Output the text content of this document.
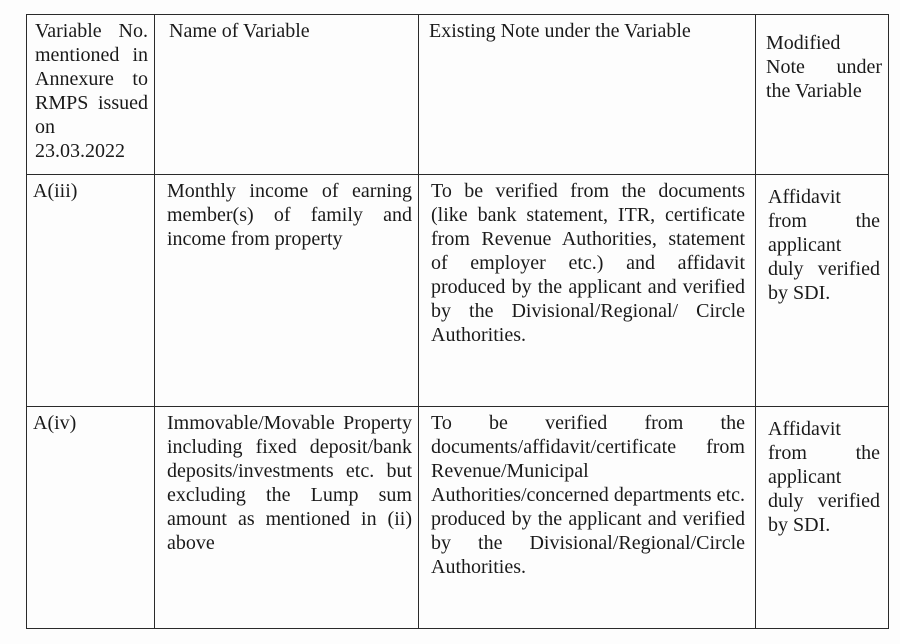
Variable No. mentioned in Annexure to RMPS issued on 23.03.2022	Name of Variable	Existing Note under the Variable	Modified Note under the Variable

A(iii)	Monthly income of earning member(s) of family and income from property	To be verified from the documents (like bank statement, ITR, certificate from Revenue Authorities, statement of employer etc.) and affidavit produced by the applicant and verified by the Divisional/Regional/ Circle Authorities.	Affidavit from the applicant duly verified by SDI.

A(iv)	Immovable/Movable Property including fixed deposit/bank deposits/investments etc. but excluding the Lump sum amount as mentioned in (ii) above	To be verified from the documents/affidavit/certificate from Revenue/Municipal Authorities/concerned departments etc. produced by the applicant and verified by the Divisional/Regional/Circle Authorities.	Affidavit from the applicant duly verified by SDI.
